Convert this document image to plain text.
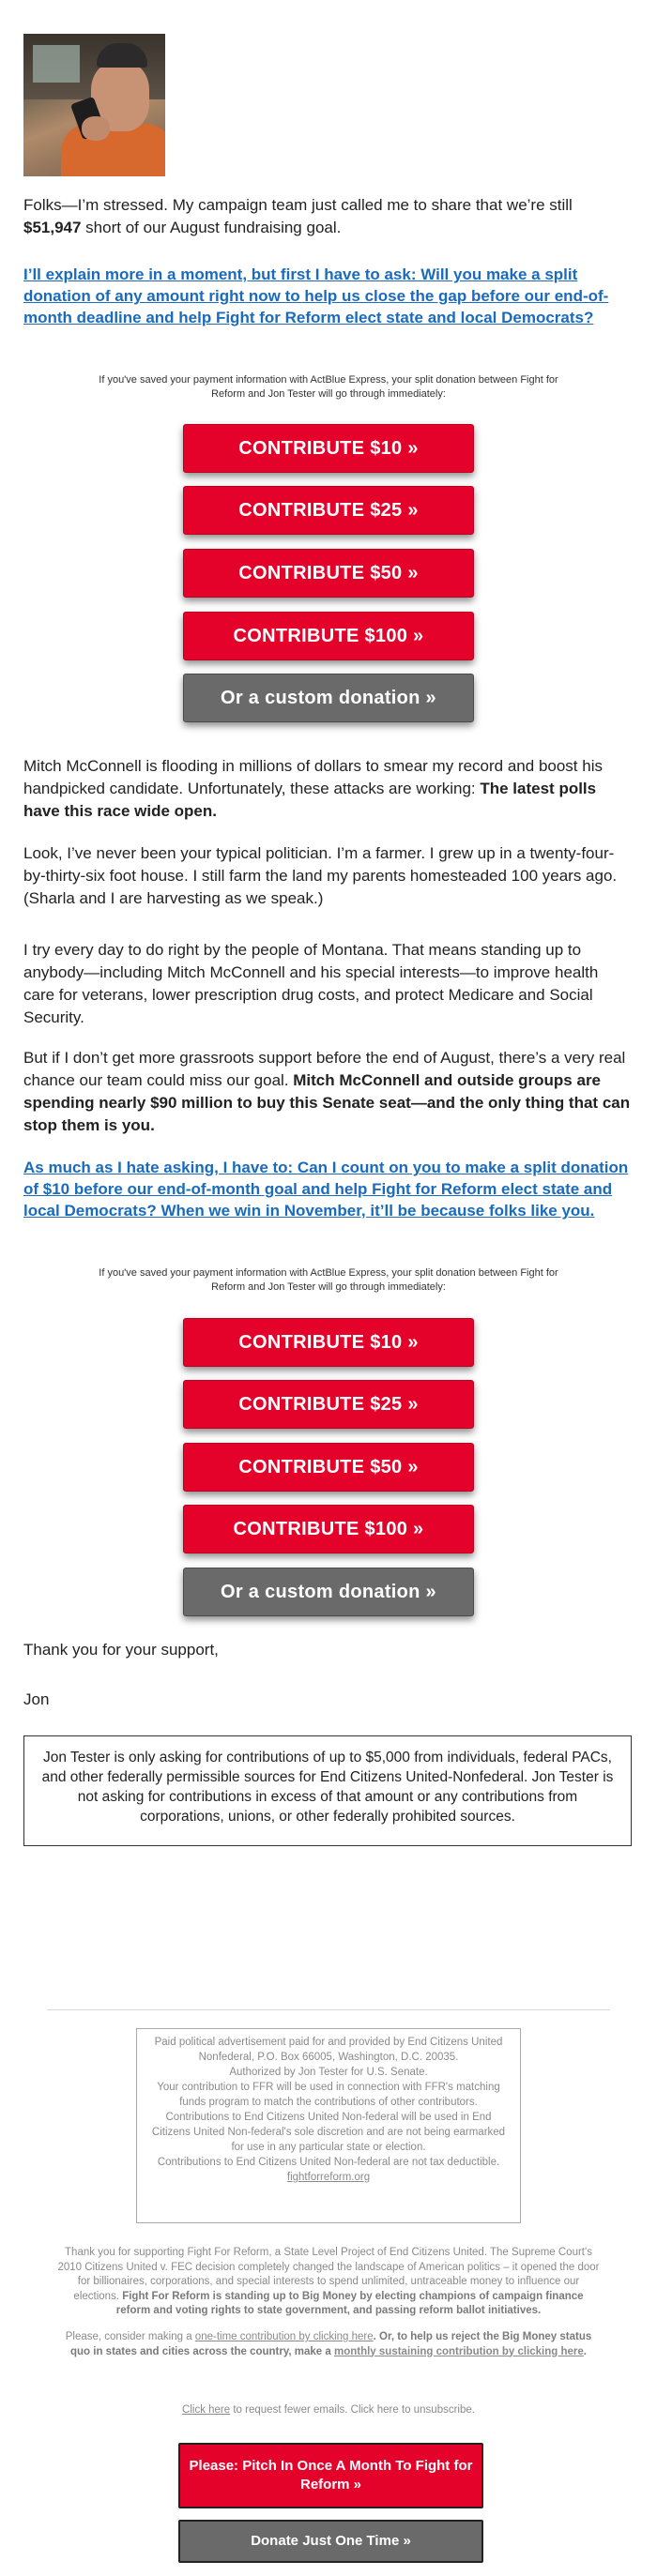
Folks—I’m stressed. My campaign team just called me to share that we’re still $51,947 short of our August fundraising goal.

I’ll explain more in a moment, but first I have to ask: Will you make a split donation of any amount right now to help us close the gap before our end-of-month deadline and help Fight for Reform elect state and local Democrats?

If you've saved your payment information with ActBlue Express, your split donation between Fight for Reform and Jon Tester will go through immediately:

CONTRIBUTE $10 »
CONTRIBUTE $25 »
CONTRIBUTE $50 »
CONTRIBUTE $100 »
Or a custom donation »

Mitch McConnell is flooding in millions of dollars to smear my record and boost his handpicked candidate. Unfortunately, these attacks are working: The latest polls have this race wide open.

Look, I’ve never been your typical politician. I’m a farmer. I grew up in a twenty-four-by-thirty-six foot house. I still farm the land my parents homesteaded 100 years ago. (Sharla and I are harvesting as we speak.)

I try every day to do right by the people of Montana. That means standing up to anybody—including Mitch McConnell and his special interests—to improve health care for veterans, lower prescription drug costs, and protect Medicare and Social Security.

But if I don’t get more grassroots support before the end of August, there’s a very real chance our team could miss our goal. Mitch McConnell and outside groups are spending nearly $90 million to buy this Senate seat—and the only thing that can stop them is you.

As much as I hate asking, I have to: Can I count on you to make a split donation of $10 before our end-of-month goal and help Fight for Reform elect state and local Democrats? When we win in November, it’ll be because folks like you.

If you've saved your payment information with ActBlue Express, your split donation between Fight for Reform and Jon Tester will go through immediately:

CONTRIBUTE $10 »
CONTRIBUTE $25 »
CONTRIBUTE $50 »
CONTRIBUTE $100 »
Or a custom donation »

Thank you for your support,

Jon

Jon Tester is only asking for contributions of up to $5,000 from individuals, federal PACs, and other federally permissible sources for End Citizens United-Nonfederal. Jon Tester is not asking for contributions in excess of that amount or any contributions from corporations, unions, or other federally prohibited sources.
Paid political advertisement paid for and provided by End Citizens United Nonfederal, P.O. Box 66005, Washington, D.C. 20035.
Authorized by Jon Tester for U.S. Senate.
Your contribution to FFR will be used in connection with FFR's matching funds program to match the contributions of other contributors.
Contributions to End Citizens United Non-federal will be used in End Citizens United Non-federal's sole discretion and are not being earmarked for use in any particular state or election.
Contributions to End Citizens United Non-federal are not tax deductible.
fightforreform.org

Thank you for supporting Fight For Reform, a State Level Project of End Citizens United. The Supreme Court's 2010 Citizens United v. FEC decision completely changed the landscape of American politics – it opened the door for billionaires, corporations, and special interests to spend unlimited, untraceable money to influence our elections. Fight For Reform is standing up to Big Money by electing champions of campaign finance reform and voting rights to state government, and passing reform ballot initiatives.

Please, consider making a one-time contribution by clicking here. Or, to help us reject the Big Money status quo in states and cities across the country, make a monthly sustaining contribution by clicking here.

Click here to request fewer emails. Click here to unsubscribe.

Please: Pitch In Once A Month To Fight for Reform »
Donate Just One Time »
